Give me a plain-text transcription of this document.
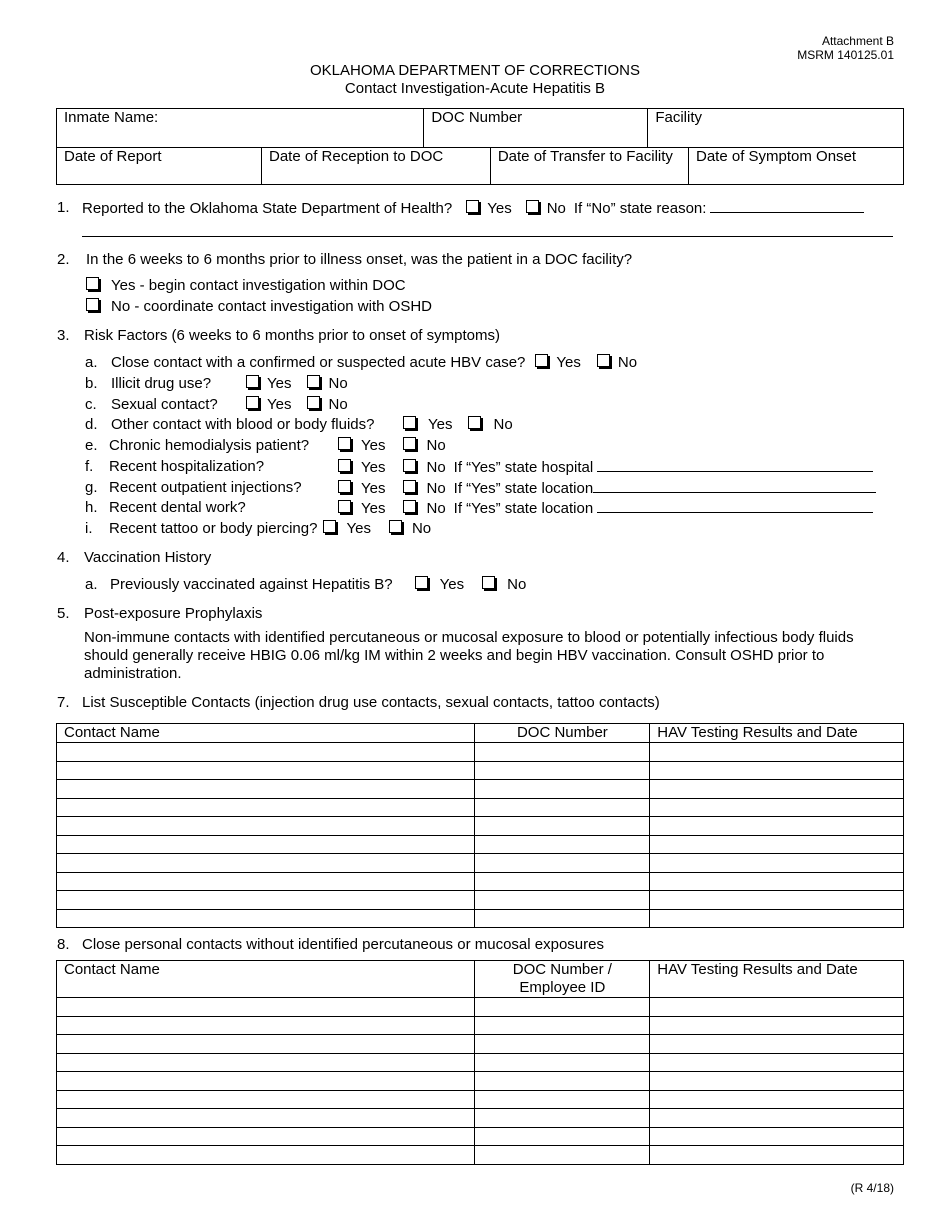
Attachment B
MSRM 140125.01
OKLAHOMA DEPARTMENT OF CORRECTIONS
Contact Investigation-Acute Hepatitis B
Inmate Name:		DOC Number		Facility	
Date of Report	Date of Reception to DOC		Date of Transfer to Facility		Date of Symptom Onset
1. Reported to the Oklahoma State Department of Health? Yes No If “No” state reason:
2. In the 6 weeks to 6 months prior to illness onset, was the patient in a DOC facility?
Yes - begin contact investigation within DOC
No - coordinate contact investigation with OSHD
3. Risk Factors (6 weeks to 6 months prior to onset of symptoms)
a. Close contact with a confirmed or suspected acute HBV case? Yes No
b. Illicit drug use?	Yes No
c. Sexual contact?	Yes No
d. Other contact with blood or body fluids?	Yes	No
e. Chronic hemodialysis patient?	Yes	No
f. Recent hospitalization?	Yes	No If “Yes” state hospital
g. Recent outpatient injections?	Yes	No If “Yes” state location
h. Recent dental work?	Yes	No If “Yes” state location
i. Recent tattoo or body piercing? Yes	No
4. Vaccination History
a. Previously vaccinated against Hepatitis B?	Yes	No
5. Post-exposure Prophylaxis
Non-immune contacts with identified percutaneous or mucosal exposure to blood or potentially infectious body fluids
should generally receive HBIG 0.06 ml/kg IM within 2 weeks and begin HBV vaccination. Consult OSHD prior to
administration.
7. List Susceptible Contacts (injection drug use contacts, sexual contacts, tattoo contacts)
Contact Name	DOC Number	HAV Testing Results and Date

8. Close personal contacts without identified percutaneous or mucosal exposures
Contact Name	DOC Number /
Employee ID	HAV Testing Results and Date

(R 4/18)
